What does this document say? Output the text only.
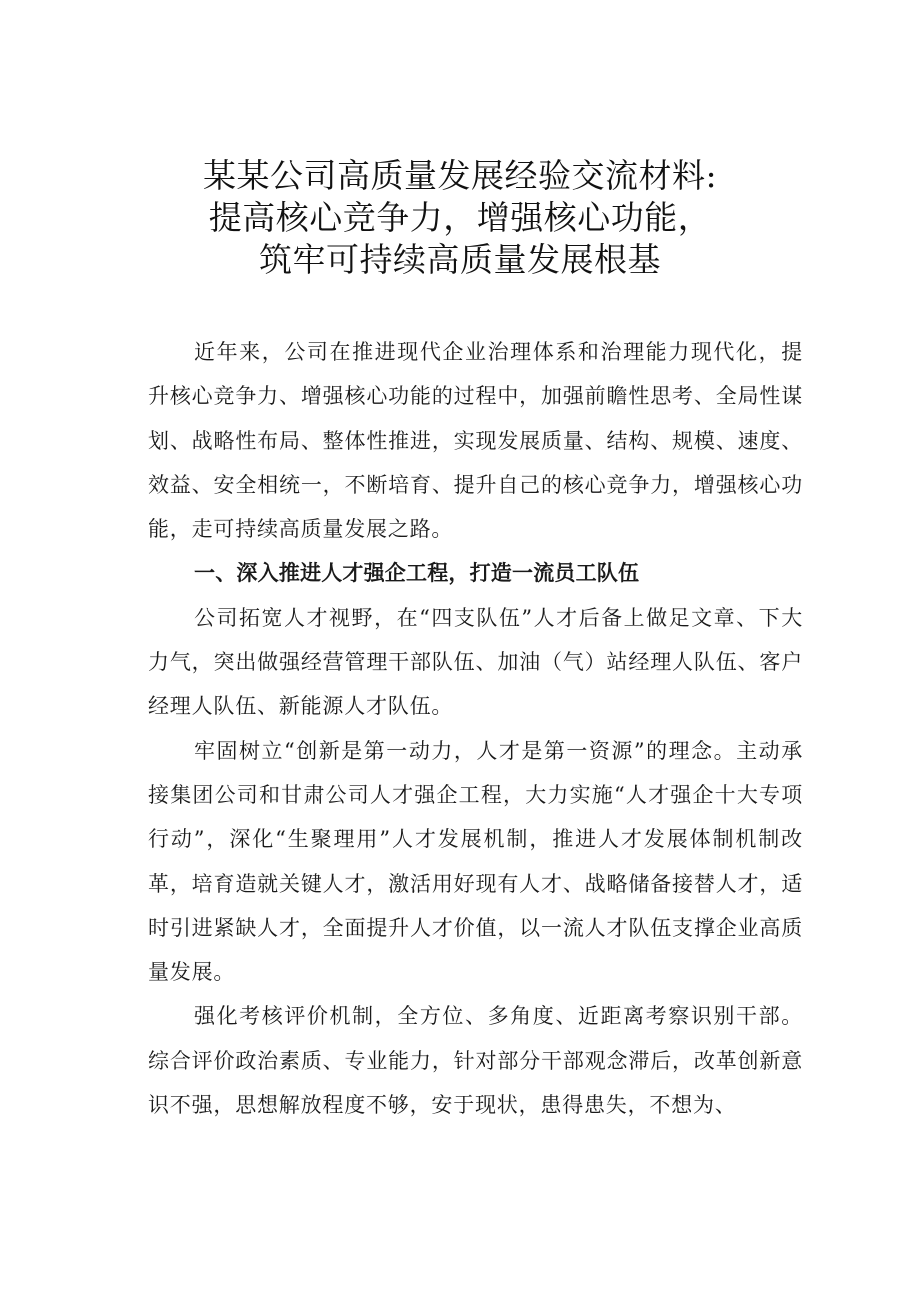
某某公司高质量发展经验交流材料:
提高核心竞争力，增强核心功能，
筑牢可持续高质量发展根基

近年来，公司在推进现代企业治理体系和治理能力现代化，提升核心竞争力、增强核心功能的过程中，加强前瞻性思考、全局性谋划、战略性布局、整体性推进，实现发展质量、结构、规模、速度、效益、安全相统一，不断培育、提升自己的核心竞争力，增强核心功能，走可持续高质量发展之路。

一、深入推进人才强企工程，打造一流员工队伍

公司拓宽人才视野，在“四支队伍”人才后备上做足文章、下大力气，突出做强经营管理干部队伍、加油（气）站经理人队伍、客户经理人队伍、新能源人才队伍。

牢固树立“创新是第一动力，人才是第一资源”的理念。主动承接集团公司和甘肃公司人才强企工程，大力实施“人才强企十大专项行动”，深化“生聚理用”人才发展机制，推进人才发展体制机制改革，培育造就关键人才，激活用好现有人才、战略储备接替人才，适时引进紧缺人才，全面提升人才价值，以一流人才队伍支撑企业高质量发展。

强化考核评价机制，全方位、多角度、近距离考察识别干部。综合评价政治素质、专业能力，针对部分干部观念滞后，改革创新意识不强，思想解放程度不够，安于现状，患得患失，不想为、
